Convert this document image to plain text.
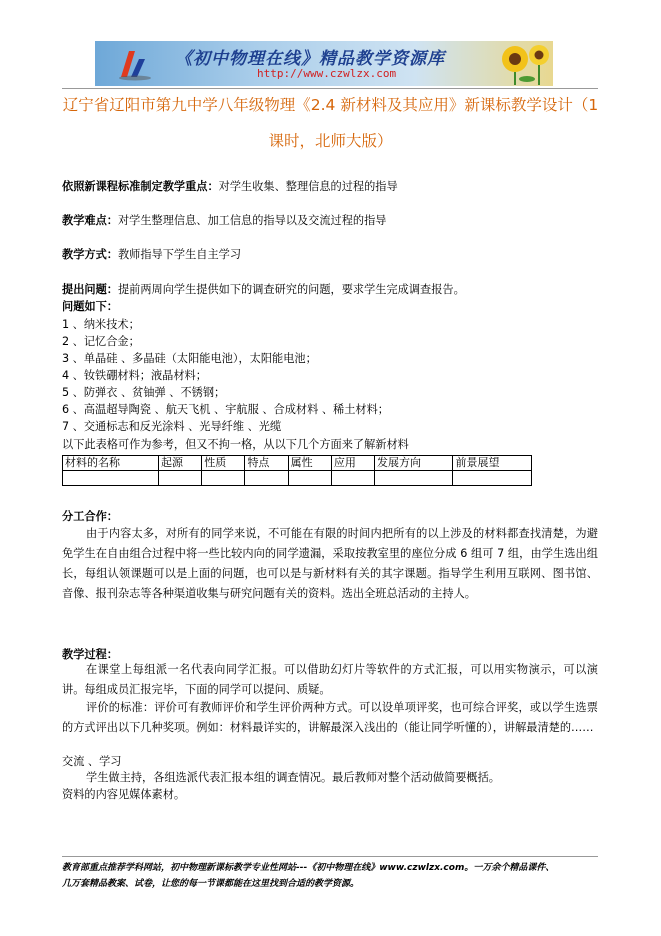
《初中物理在线》精品教学资源库
http://www.czwlzx.com
辽宁省辽阳市第九中学八年级物理《2.4 新材料及其应用》新课标教学设计（1
课时，北师大版）
依照新课程标准制定教学重点：对学生收集、整理信息的过程的指导
教学难点：对学生整理信息、加工信息的指导以及交流过程的指导
教学方式：教师指导下学生自主学习
提出问题：提前两周向学生提供如下的调查研究的问题，要求学生完成调查报告。
问题如下：
1 、纳米技术；
2 、记忆合金；
3 、单晶硅 、多晶硅（太阳能电池），太阳能电池；
4 、钕铁硼材料；液晶材料；
5 、防弹衣 、贫铀弹 、不锈钢；
6 、高温超导陶瓷 、航天飞机 、宇航服 、合成材料 、稀土材料；
7 、交通标志和反光涂料 、光导纤维 、光缆
以下此表格可作为参考，但又不拘一格，从以下几个方面来了解新材料
材料的名称	起源	性质	特点	属性	应用	发展方向	前景展望

分工合作：
由于内容太多，对所有的同学来说，不可能在有限的时间内把所有的以上涉及的材料都查找清楚，为避免学生在自由组合过程中将一些比较内向的同学遗漏，采取按教室里的座位分成 6 组可 7 组，由学生选出组长，每组认领课题可以是上面的问题，也可以是与新材料有关的其字课题。指导学生利用互联网、图书馆、音像、报刊杂志等各种渠道收集与研究问题有关的资料。选出全班总活动的主持人。
教学过程：
在课堂上每组派一名代表向同学汇报。可以借助幻灯片等软件的方式汇报，可以用实物演示，可以演讲。每组成员汇报完毕，下面的同学可以提问、质疑。
评价的标准：评价可有教师评价和学生评价两种方式。可以设单项评奖，也可综合评奖，或以学生选票的方式评出以下几种奖项。例如：材料最详实的，讲解最深入浅出的（能让同学听懂的），讲解最清楚的……
交流 、学习
学生做主持，各组选派代表汇报本组的调查情况。最后教师对整个活动做简要概括。
资料的内容见媒体素材。
教育部重点推荐学科网站，初中物理新课标教学专业性网站---《初中物理在线》www.czwlzx.com。一万余个精品课件、
几万套精品教案、试卷，让您的每一节课都能在这里找到合适的教学资源。
